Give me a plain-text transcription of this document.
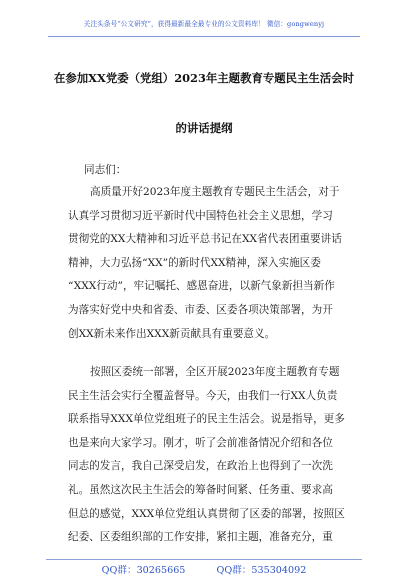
关注头条号“公文研究”，获得最新最全最专业的公文资料库！ 微信：gongwenyj
在参加XX党委（党组）2023年主题教育专题民主生活会时
的讲话提纲
同志们：
高质量开好2023年度主题教育专题民主生活会，对于
认真学习贯彻习近平新时代中国特色社会主义思想，学习
贯彻党的XX大精神和习近平总书记在XX省代表团重要讲话
精神，大力弘扬“XX”的新时代XX精神，深入实施区委
“XXX行动”，牢记嘱托、感恩奋进，以新气象新担当新作
为落实好党中央和省委、市委、区委各项决策部署，为开
创XX新未来作出XXX新贡献具有重要意义。
按照区委统一部署，全区开展2023年度主题教育专题
民主生活会实行全覆盖督导。今天，由我们一行XX人负责
联系指导XXX单位党组班子的民主生活会。说是指导，更多
也是来向大家学习。刚才，听了会前准备情况介绍和各位
同志的发言，我自己深受启发，在政治上也得到了一次洗
礼。虽然这次民主生活会的筹备时间紧、任务重、要求高
但总的感觉，XXX单位党组认真贯彻了区委的部署，按照区
纪委、区委组织部的工作安排，紧扣主题，准备充分，重
QQ群：30265665	QQ群：535304092
